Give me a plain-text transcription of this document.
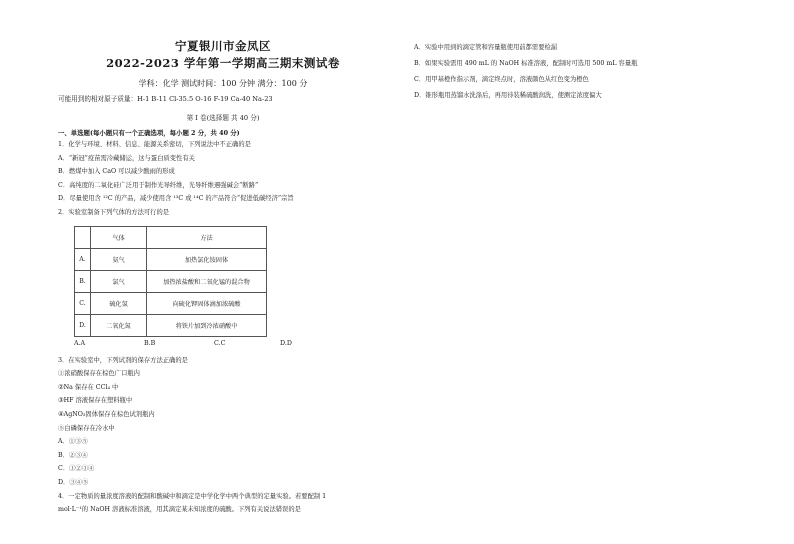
宁夏银川市金凤区
2022-2023 学年第一学期高三期末测试卷
学科：化学 测试时间：100 分钟 满分：100 分
可能用到的相对原子质量：H-1 B-11 Cl-35.5 O-16 F-19 Ca-40 Na-23
第 I 卷(选择题 共 40 分)
一、单选题(每小题只有一个正确选项，每小题 2 分，共 40 分)
1．化学与环境、材料、信息、能源关系密切，下列说法中不正确的是
A．“新冠”疫苗需冷藏储运，这与蛋白质变性有关
B．燃煤中加入 CaO 可以减少酸雨的形成
C．高纯度的二氧化硅广泛用于制作光导纤维，光导纤维遇强碱会“断路”
D．尽量使用含 ¹²C 的产品，减少使用含 ¹³C 或 ¹⁴C 的产品符合“促进低碳经济”宗旨
2．实验室制备下列气体的方法可行的是
	气体	方法
A.	氨气	加热氯化铵固体
B.	氯气	加热浓盐酸和二氧化锰的混合物
C.	硫化氢	向硫化钾固体滴加浓硫酸
D.	二氧化氮	将铁片加到冷浓硝酸中
A.A	B.B	C.C	D.D
3．在实验室中，下列试剂的保存方法正确的是
①浓硝酸保存在棕色广口瓶内
②Na 保存在 CCl₄ 中
③HF 溶液保存在塑料瓶中
④AgNO₃固体保存在棕色试剂瓶内
⑤白磷保存在冷水中
A．①③⑤
B．②③④
C．①②③④
D．③④⑤
4．一定物质的量浓度溶液的配制和酸碱中和滴定是中学化学中两个典型的定量实验。若要配制 1
mol·L⁻¹的 NaOH 溶液标准溶液，用其滴定某未知浓度的硫酸。下列有关说法错误的是
A．实验中用到的滴定管和容量瓶使用前都需要检漏
B．如果实验需用 490 mL 的 NaOH 标准溶液，配制时可选用 500 mL 容量瓶
C．用甲基橙作指示剂，滴定终点时，溶液颜色从红色变为橙色
D．锥形瓶用蒸馏水洗涤后，再用待装稀硫酸润洗，使测定浓度偏大
